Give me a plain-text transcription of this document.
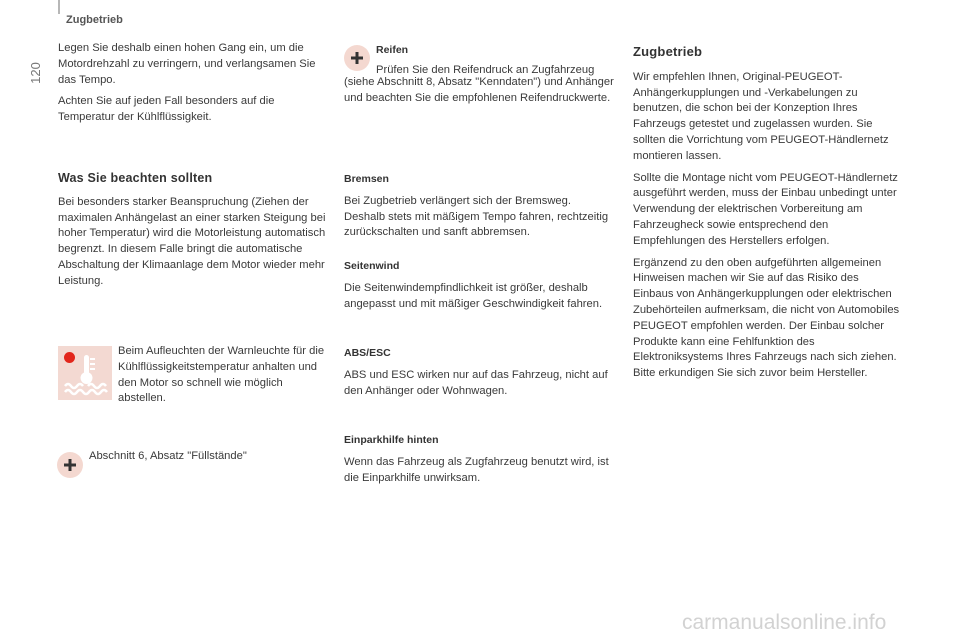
Zugbetrieb
120

Legen Sie deshalb einen hohen Gang ein, um die Motordrehzahl zu verringern, und verlangsamen Sie das Tempo.

Achten Sie auf jeden Fall besonders auf die Temperatur der Kühlflüssigkeit.

Was Sie beachten sollten

Bei besonders starker Beanspruchung (Ziehen der maximalen Anhängelast an einer starken Steigung bei hoher Temperatur) wird die Motorleistung automatisch begrenzt. In diesem Falle bringt die automatische Abschaltung der Klimaanlage dem Motor wieder mehr Leistung.

Beim Aufleuchten der Warnleuchte für die Kühlflüssigkeitstemperatur anhalten und den Motor so schnell wie möglich abstellen.

Abschnitt 6, Absatz "Füllstände"

Reifen

Prüfen Sie den Reifendruck an Zugfahrzeug

(siehe Abschnitt 8, Absatz "Kenndaten") und Anhänger und beachten Sie die empfohlenen Reifendruckwerte.

Bremsen

Bei Zugbetrieb verlängert sich der Bremsweg. Deshalb stets mit mäßigem Tempo fahren, rechtzeitig zurückschalten und sanft abbremsen.

Seitenwind

Die Seitenwindempfindlichkeit ist größer, deshalb angepasst und mit mäßiger Geschwindigkeit fahren.

ABS/ESC

ABS und ESC wirken nur auf das Fahrzeug, nicht auf den Anhänger oder Wohnwagen.

Einparkhilfe hinten

Wenn das Fahrzeug als Zugfahrzeug benutzt wird, ist die Einparkhilfe unwirksam.

Zugbetrieb

Wir empfehlen Ihnen, Original-PEUGEOT-Anhängerkupplungen und -Verkabelungen zu benutzen, die schon bei der Konzeption Ihres Fahrzeugs getestet und zugelassen wurden. Sie sollten die Vorrichtung vom PEUGEOT-Händlernetz montieren lassen.

Sollte die Montage nicht vom PEUGEOT-Händlernetz ausgeführt werden, muss der Einbau unbedingt unter Verwendung der elektrischen Vorbereitung am Fahrzeugheck sowie entsprechend den Empfehlungen des Herstellers erfolgen.

Ergänzend zu den oben aufgeführten allgemeinen Hinweisen machen wir Sie auf das Risiko des Einbaus von Anhängerkupplungen oder elektrischen Zubehörteilen aufmerksam, die nicht von Automobiles PEUGEOT empfohlen werden. Der Einbau solcher Produkte kann eine Fehlfunktion des Elektroniksystems Ihres Fahrzeugs nach sich ziehen. Bitte erkundigen Sie sich zuvor beim Hersteller.

carmanualsonline.info
